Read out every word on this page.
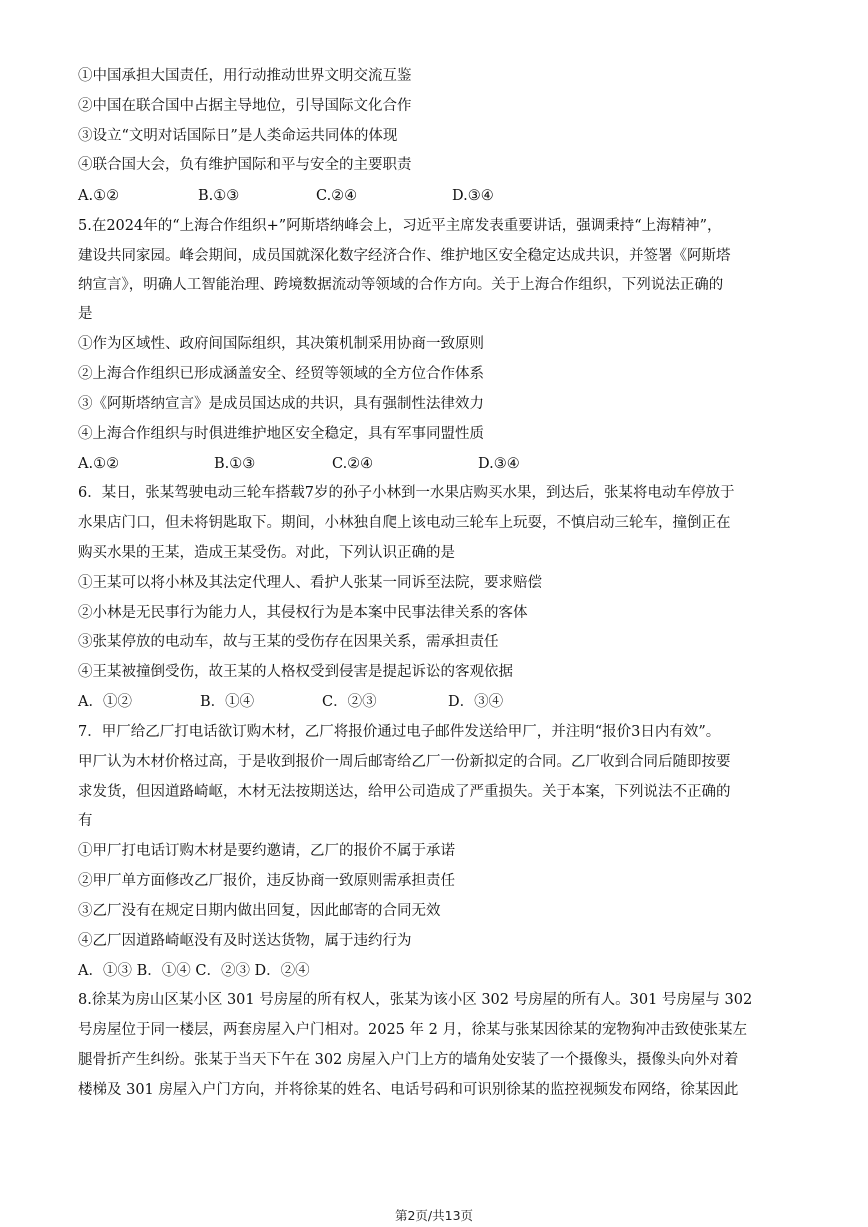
①中国承担大国责任，用行动推动世界文明交流互鉴
②中国在联合国中占据主导地位，引导国际文化合作
③设立“文明对话国际日”是人类命运共同体的体现
④联合国大会，负有维护国际和平与安全的主要职责
A.①②	B.①③	C.②④	D.③④
5.在2024年的“上海合作组织+”阿斯塔纳峰会上，习近平主席发表重要讲话，强调秉持“上海精神”，
建设共同家园。峰会期间，成员国就深化数字经济合作、维护地区安全稳定达成共识，并签署《阿斯塔
纳宣言》，明确人工智能治理、跨境数据流动等领域的合作方向。关于上海合作组织，下列说法正确的
是
①作为区域性、政府间国际组织，其决策机制采用协商一致原则
②上海合作组织已形成涵盖安全、经贸等领域的全方位合作体系
③《阿斯塔纳宣言》是成员国达成的共识，具有强制性法律效力
④上海合作组织与时俱进维护地区安全稳定，具有军事同盟性质
A.①②	B.①③	C.②④	D.③④
6．某日，张某驾驶电动三轮车搭载7岁的孙子小林到一水果店购买水果，到达后，张某将电动车停放于
水果店门口，但未将钥匙取下。期间，小林独自爬上该电动三轮车上玩耍，不慎启动三轮车，撞倒正在
购买水果的王某，造成王某受伤。对此，下列认识正确的是
①王某可以将小林及其法定代理人、看护人张某一同诉至法院，要求赔偿
②小林是无民事行为能力人，其侵权行为是本案中民事法律关系的客体
③张某停放的电动车，故与王某的受伤存在因果关系，需承担责任
④王某被撞倒受伤，故王某的人格权受到侵害是提起诉讼的客观依据
A．①②	B．①④	C．②③	D．③④
7．甲厂给乙厂打电话欲订购木材，乙厂将报价通过电子邮件发送给甲厂，并注明“报价3日内有效”。
甲厂认为木材价格过高，于是收到报价一周后邮寄给乙厂一份新拟定的合同。乙厂收到合同后随即按要
求发货，但因道路崎岖，木材无法按期送达，给甲公司造成了严重损失。关于本案，下列说法不正确的
有
①甲厂打电话订购木材是要约邀请，乙厂的报价不属于承诺
②甲厂单方面修改乙厂报价，违反协商一致原则需承担责任
③乙厂没有在规定日期内做出回复，因此邮寄的合同无效
④乙厂因道路崎岖没有及时送达货物，属于违约行为
A．①③ B．①④ C．②③ D．②④
8.徐某为房山区某小区 301 号房屋的所有权人，张某为该小区 302 号房屋的所有人。301 号房屋与 302
号房屋位于同一楼层，两套房屋入户门相对。2025 年 2 月，徐某与张某因徐某的宠物狗冲击致使张某左
腿骨折产生纠纷。张某于当天下午在 302 房屋入户门上方的墙角处安装了一个摄像头，摄像头向外对着
楼梯及 301 房屋入户门方向，并将徐某的姓名、电话号码和可识别徐某的监控视频发布网络，徐某因此
第2页/共13页
